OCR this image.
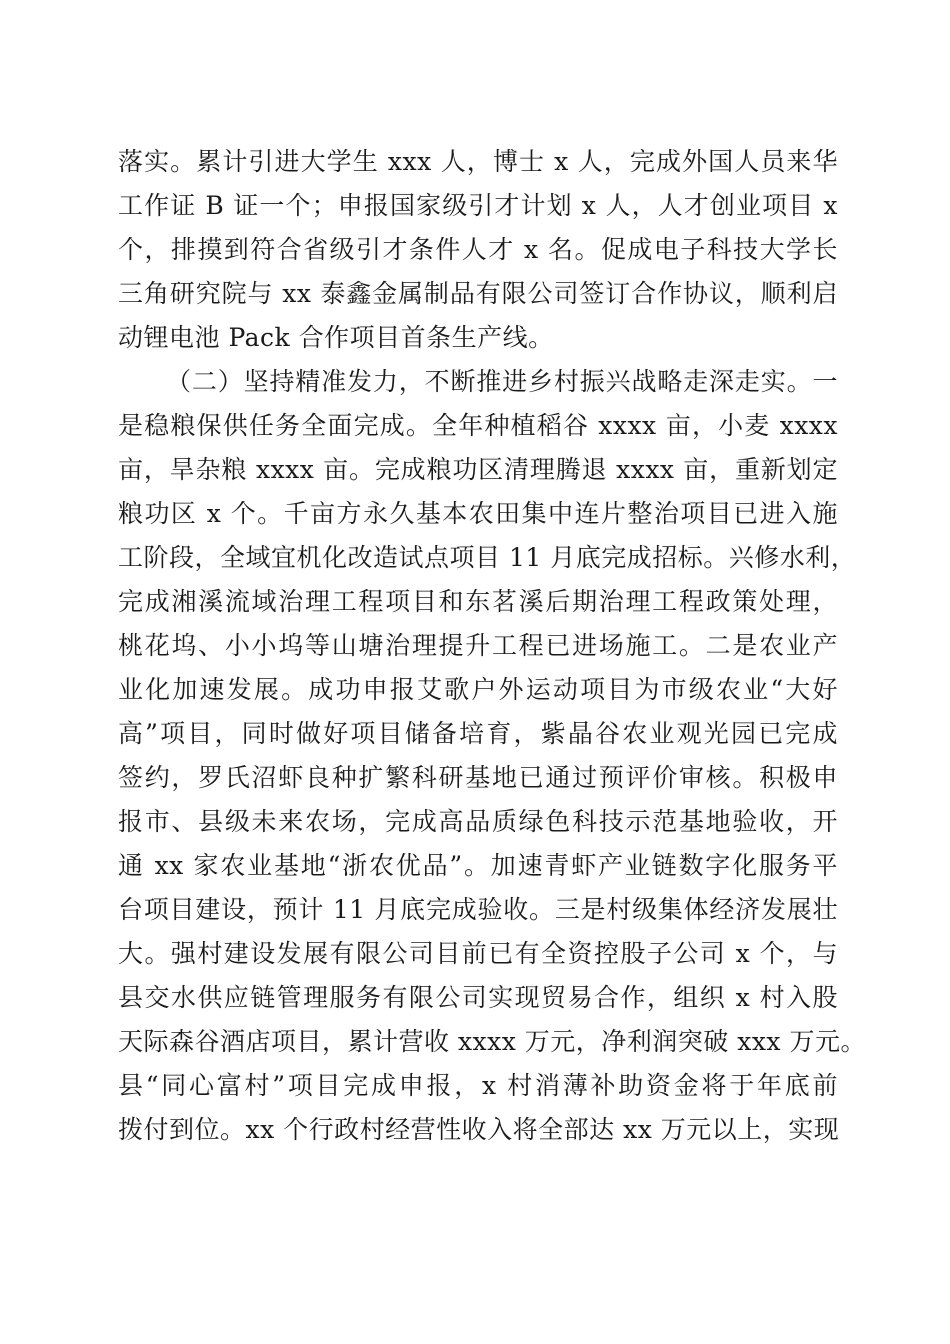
落实。累计引进大学生 xxx 人，博士 x 人，完成外国人员来华
工作证 B 证一个；申报国家级引才计划 x 人，人才创业项目 x
个，排摸到符合省级引才条件人才 x 名。促成电子科技大学长
三角研究院与 xx 泰鑫金属制品有限公司签订合作协议，顺利启
动锂电池 Pack 合作项目首条生产线。
（二）坚持精准发力，不断推进乡村振兴战略走深走实。一
是稳粮保供任务全面完成。全年种植稻谷 xxxx 亩，小麦 xxxx
亩，旱杂粮 xxxx 亩。完成粮功区清理腾退 xxxx 亩，重新划定
粮功区 x 个。千亩方永久基本农田集中连片整治项目已进入施
工阶段，全域宜机化改造试点项目 11 月底完成招标。兴修水利，
完成湘溪流域治理工程项目和东茗溪后期治理工程政策处理，
桃花坞、小小坞等山塘治理提升工程已进场施工。二是农业产
业化加速发展。成功申报艾歌户外运动项目为市级农业“大好
高”项目，同时做好项目储备培育，紫晶谷农业观光园已完成
签约，罗氏沼虾良种扩繁科研基地已通过预评价审核。积极申
报市、县级未来农场，完成高品质绿色科技示范基地验收，开
通 xx 家农业基地“浙农优品”。加速青虾产业链数字化服务平
台项目建设，预计 11 月底完成验收。三是村级集体经济发展壮
大。强村建设发展有限公司目前已有全资控股子公司 x 个，与
县交水供应链管理服务有限公司实现贸易合作，组织 x 村入股
天际森谷酒店项目，累计营收 xxxx 万元，净利润突破 xxx 万元。
县“同心富村”项目完成申报，x 村消薄补助资金将于年底前
拨付到位。xx 个行政村经营性收入将全部达 xx 万元以上，实现
